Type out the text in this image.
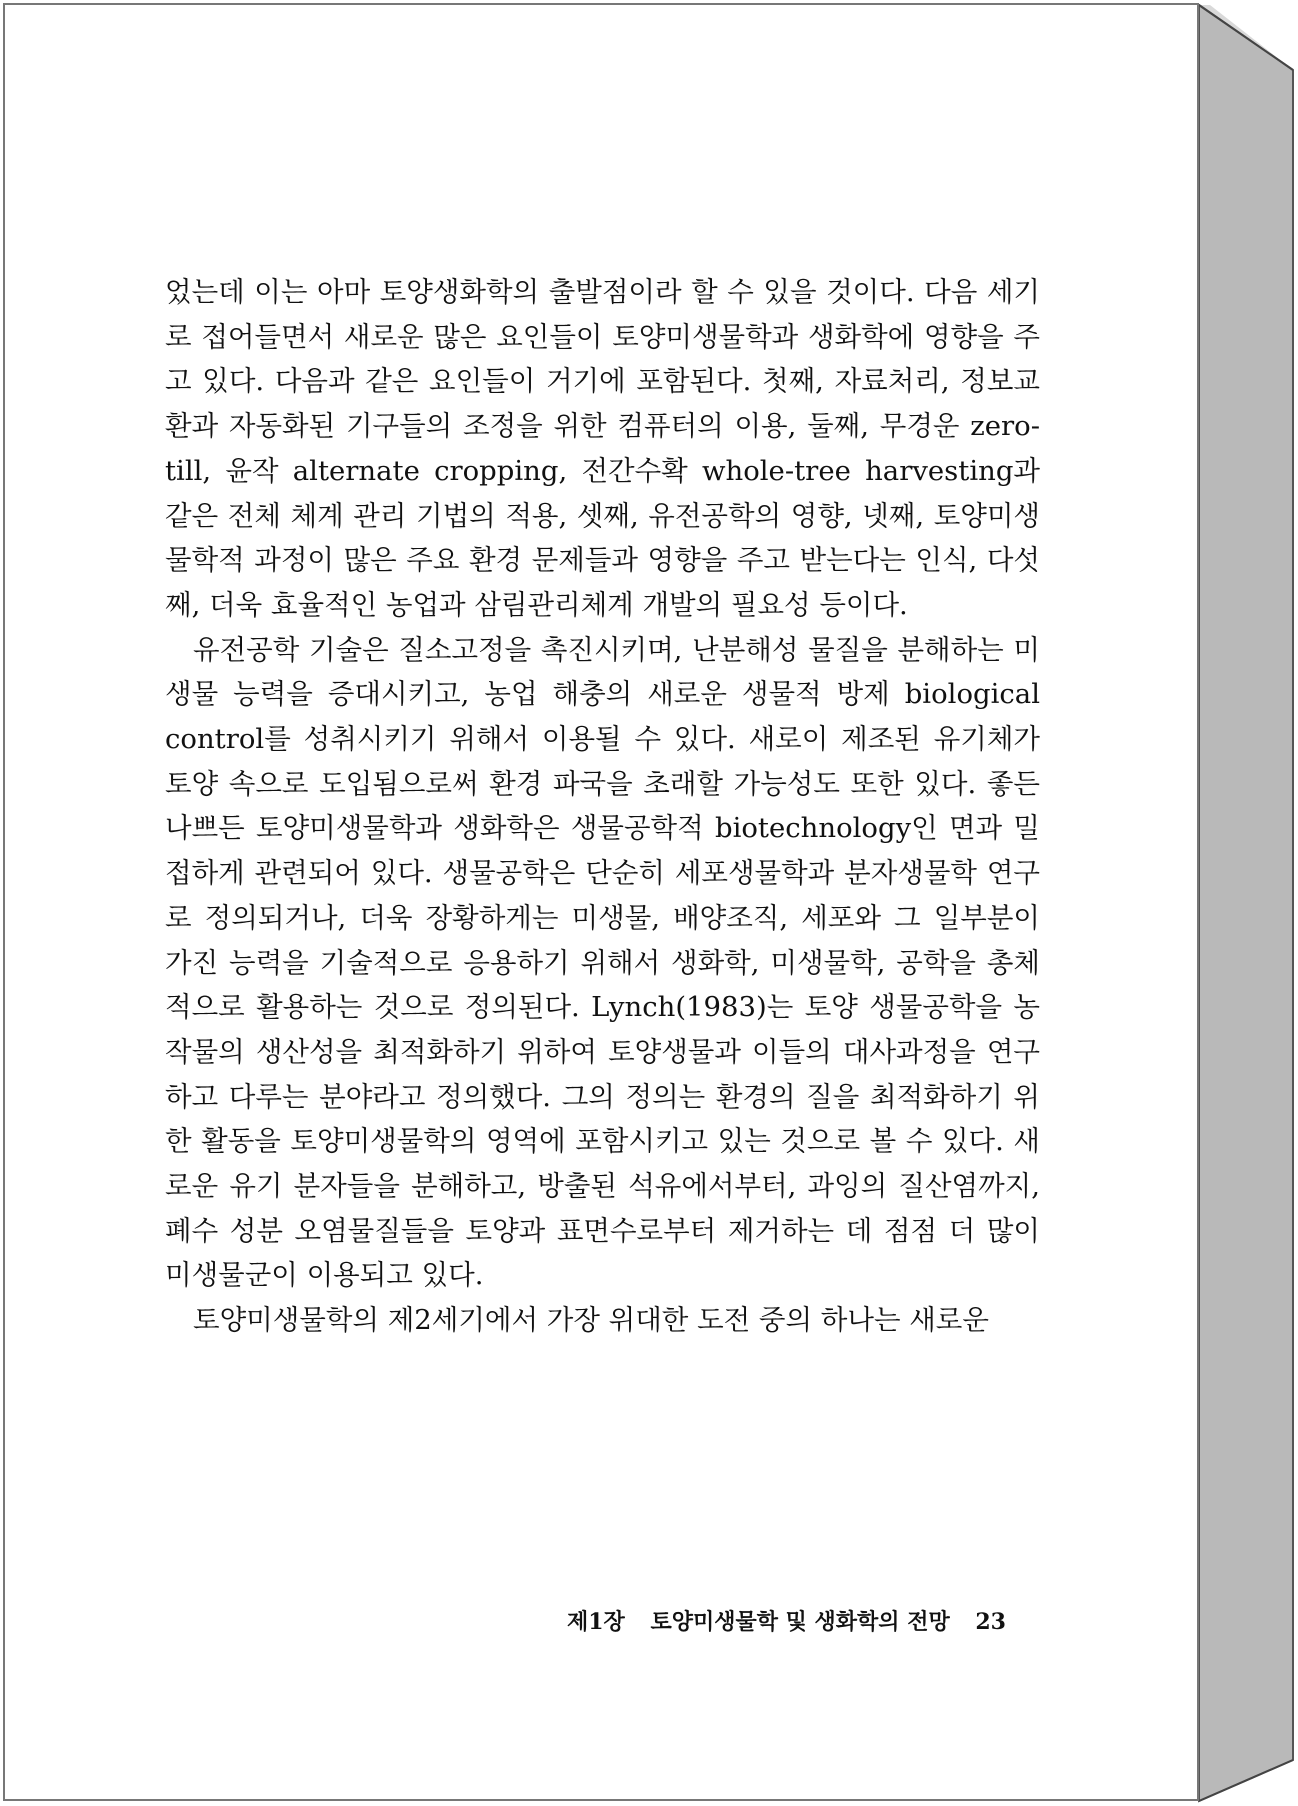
었는데 이는 아마 토양생화학의 출발점이라 할 수 있을 것이다. 다음 세기로 접어들면서 새로운 많은 요인들이 토양미생물학과 생화학에 영향을 주고 있다. 다음과 같은 요인들이 거기에 포함된다. 첫째, 자료처리, 정보교환과 자동화된 기구들의 조정을 위한 컴퓨터의 이용, 둘째, 무경운 zero-till, 윤작 alternate cropping, 전간수확 whole-tree harvesting과 같은 전체 체계 관리 기법의 적용, 셋째, 유전공학의 영향, 넷째, 토양미생물학적 과정이 많은 주요 환경 문제들과 영향을 주고 받는다는 인식, 다섯째, 더욱 효율적인 농업과 삼림관리체계 개발의 필요성 등이다.

유전공학 기술은 질소고정을 촉진시키며, 난분해성 물질을 분해하는 미생물 능력을 증대시키고, 농업 해충의 새로운 생물적 방제 biological control를 성취시키기 위해서 이용될 수 있다. 새로이 제조된 유기체가 토양 속으로 도입됨으로써 환경 파국을 초래할 가능성도 또한 있다. 좋든 나쁘든 토양미생물학과 생화학은 생물공학적 biotechnology인 면과 밀접하게 관련되어 있다. 생물공학은 단순히 세포생물학과 분자생물학 연구로 정의되거나, 더욱 장황하게는 미생물, 배양조직, 세포와 그 일부분이 가진 능력을 기술적으로 응용하기 위해서 생화학, 미생물학, 공학을 총체적으로 활용하는 것으로 정의된다. Lynch(1983)는 토양 생물공학을 농작물의 생산성을 최적화하기 위하여 토양생물과 이들의 대사과정을 연구하고 다루는 분야라고 정의했다. 그의 정의는 환경의 질을 최적화하기 위한 활동을 토양미생물학의 영역에 포함시키고 있는 것으로 볼 수 있다. 새로운 유기 분자들을 분해하고, 방출된 석유에서부터, 과잉의 질산염까지, 폐수 성분 오염물질들을 토양과 표면수로부터 제거하는 데 점점 더 많이 미생물군이 이용되고 있다.

토양미생물학의 제2세기에서 가장 위대한 도전 중의 하나는 새로운

제1장 토양미생물학 및 생화학의 전망 23
